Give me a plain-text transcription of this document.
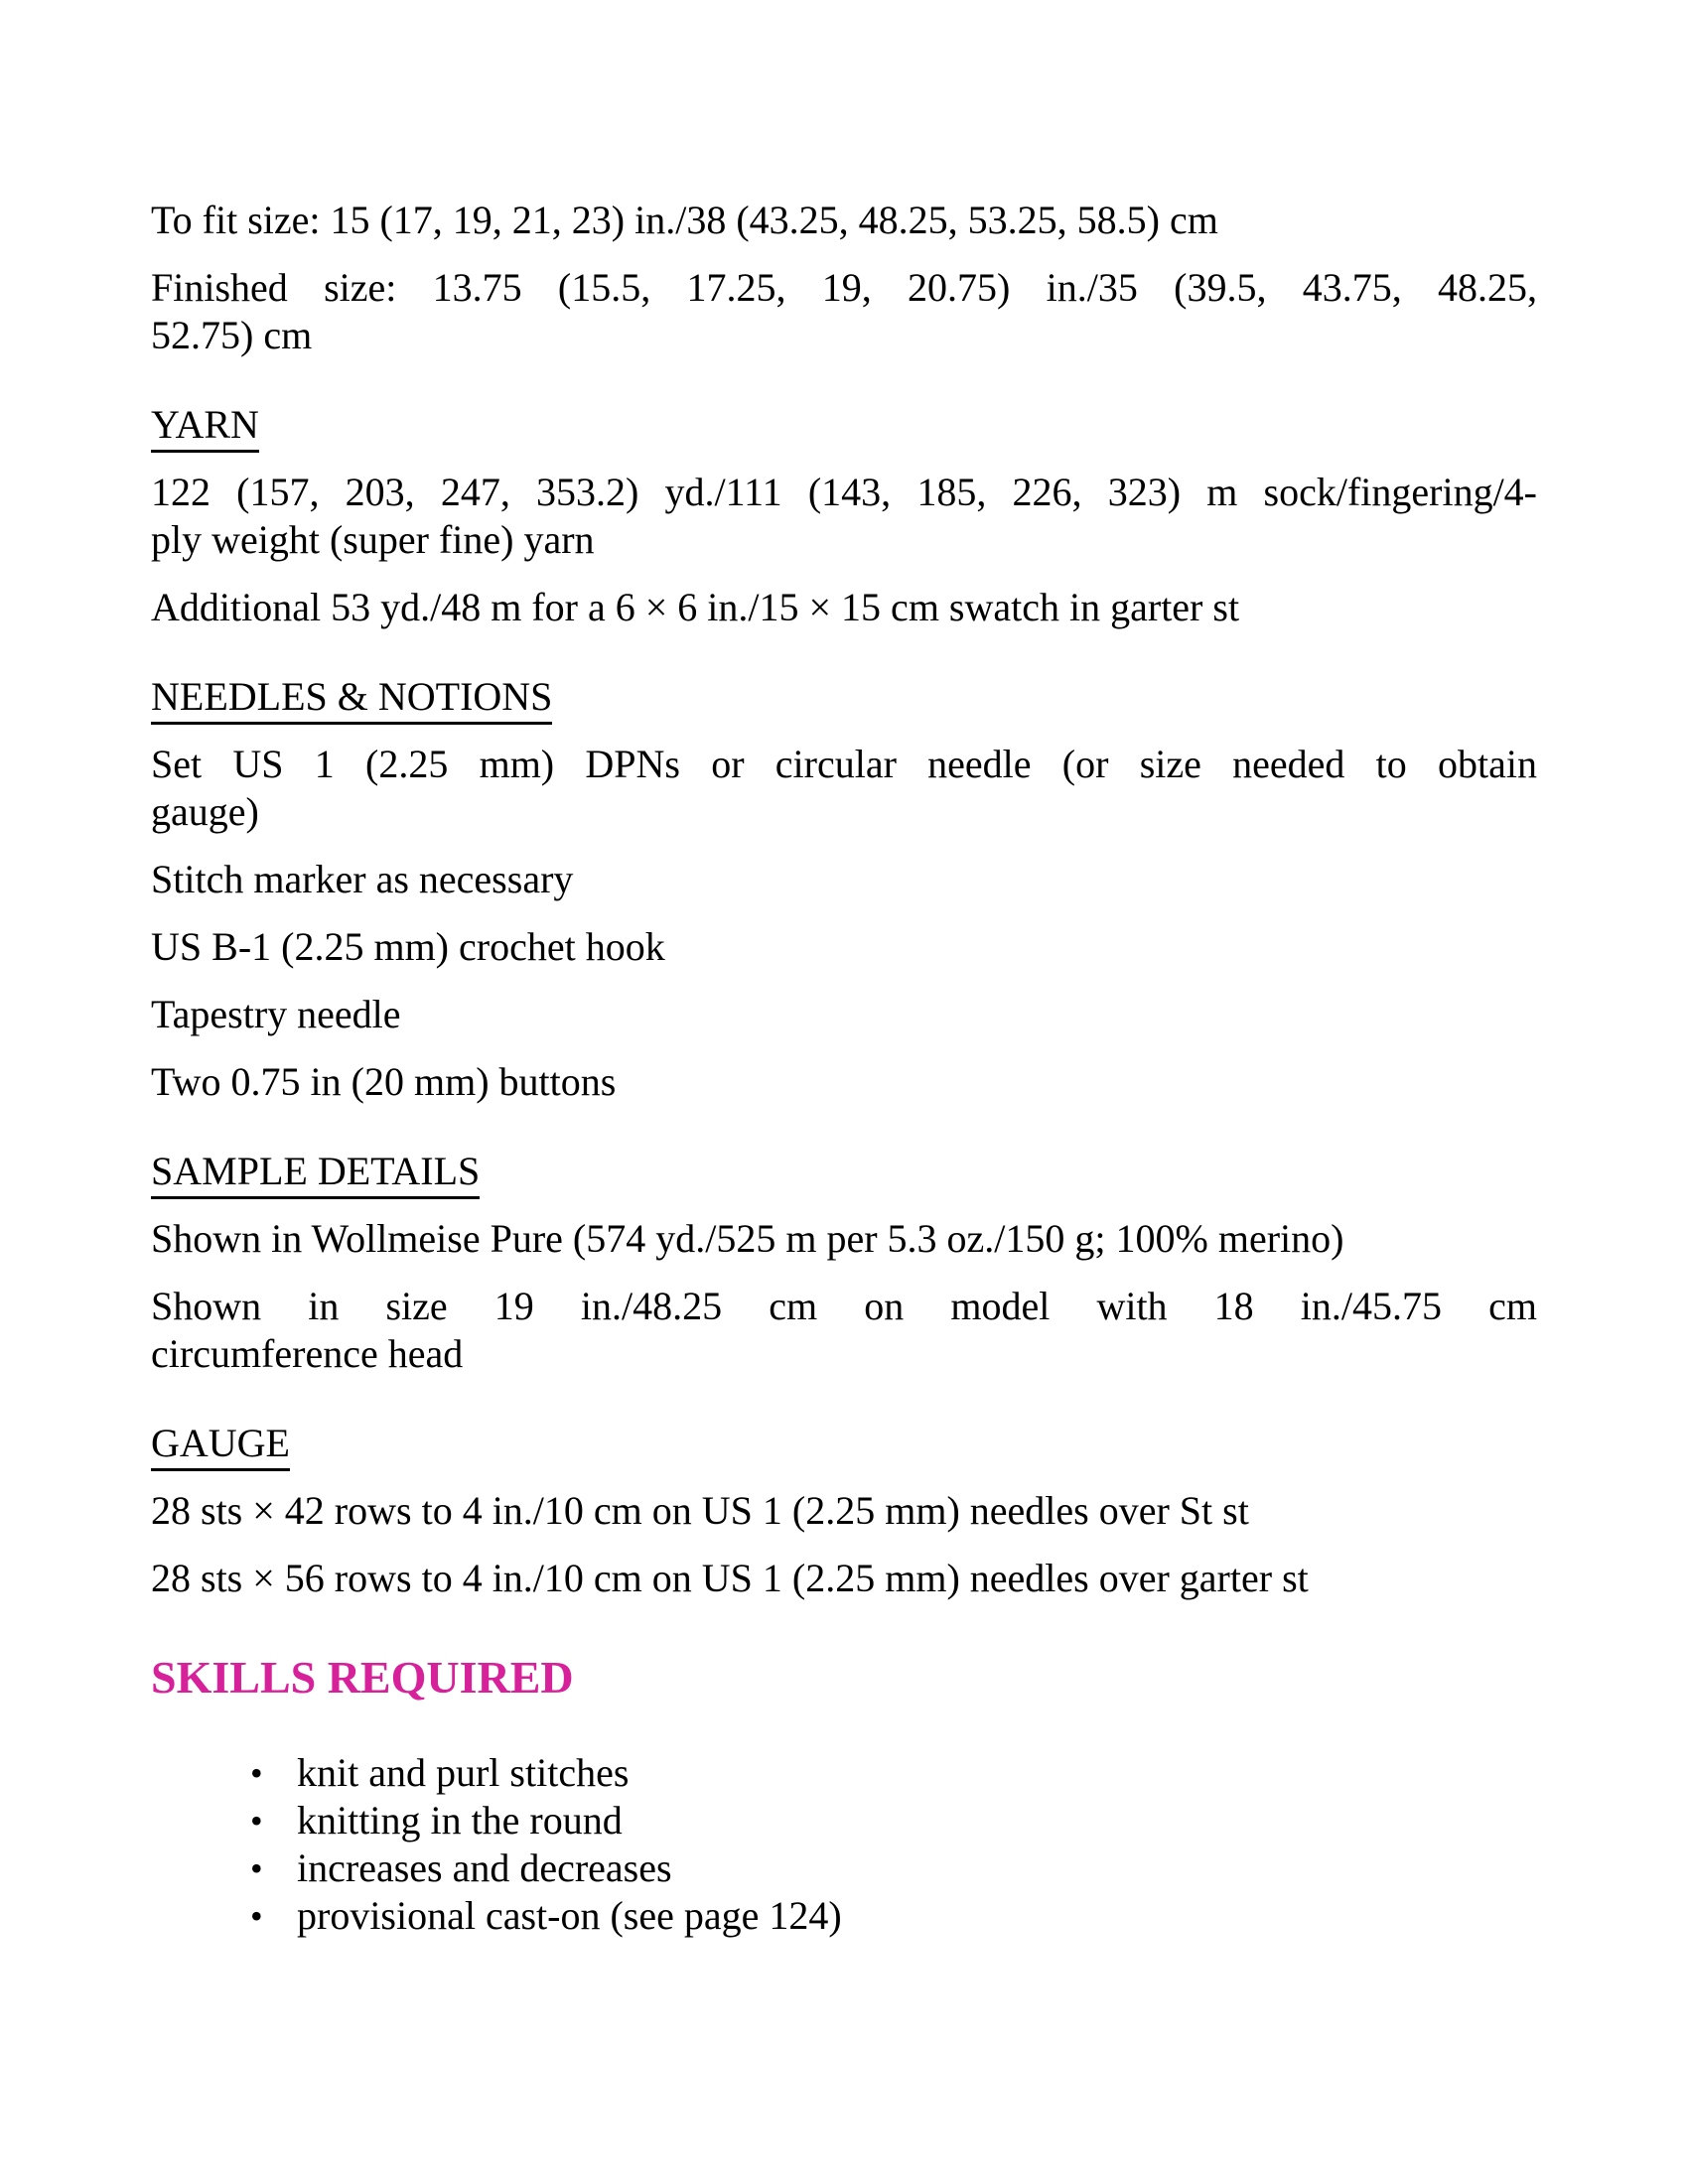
To fit size: 15 (17, 19, 21, 23) in./38 (43.25, 48.25, 53.25, 58.5) cm

Finished size: 13.75 (15.5, 17.25, 19, 20.75) in./35 (39.5, 43.75, 48.25,
52.75) cm

YARN

122 (157, 203, 247, 353.2) yd./111 (143, 185, 226, 323) m sock/fingering/4-
ply weight (super fine) yarn

Additional 53 yd./48 m for a 6 × 6 in./15 × 15 cm swatch in garter st

NEEDLES & NOTIONS

Set US 1 (2.25 mm) DPNs or circular needle (or size needed to obtain
gauge)

Stitch marker as necessary

US B-1 (2.25 mm) crochet hook

Tapestry needle

Two 0.75 in (20 mm) buttons

SAMPLE DETAILS

Shown in Wollmeise Pure (574 yd./525 m per 5.3 oz./150 g; 100% merino)

Shown in size 19 in./48.25 cm on model with 18 in./45.75 cm
circumference head

GAUGE

28 sts × 42 rows to 4 in./10 cm on US 1 (2.25 mm) needles over St st

28 sts × 56 rows to 4 in./10 cm on US 1 (2.25 mm) needles over garter st

SKILLS REQUIRED
• knit and purl stitches
• knitting in the round
• increases and decreases
• provisional cast-on (see page 124)
